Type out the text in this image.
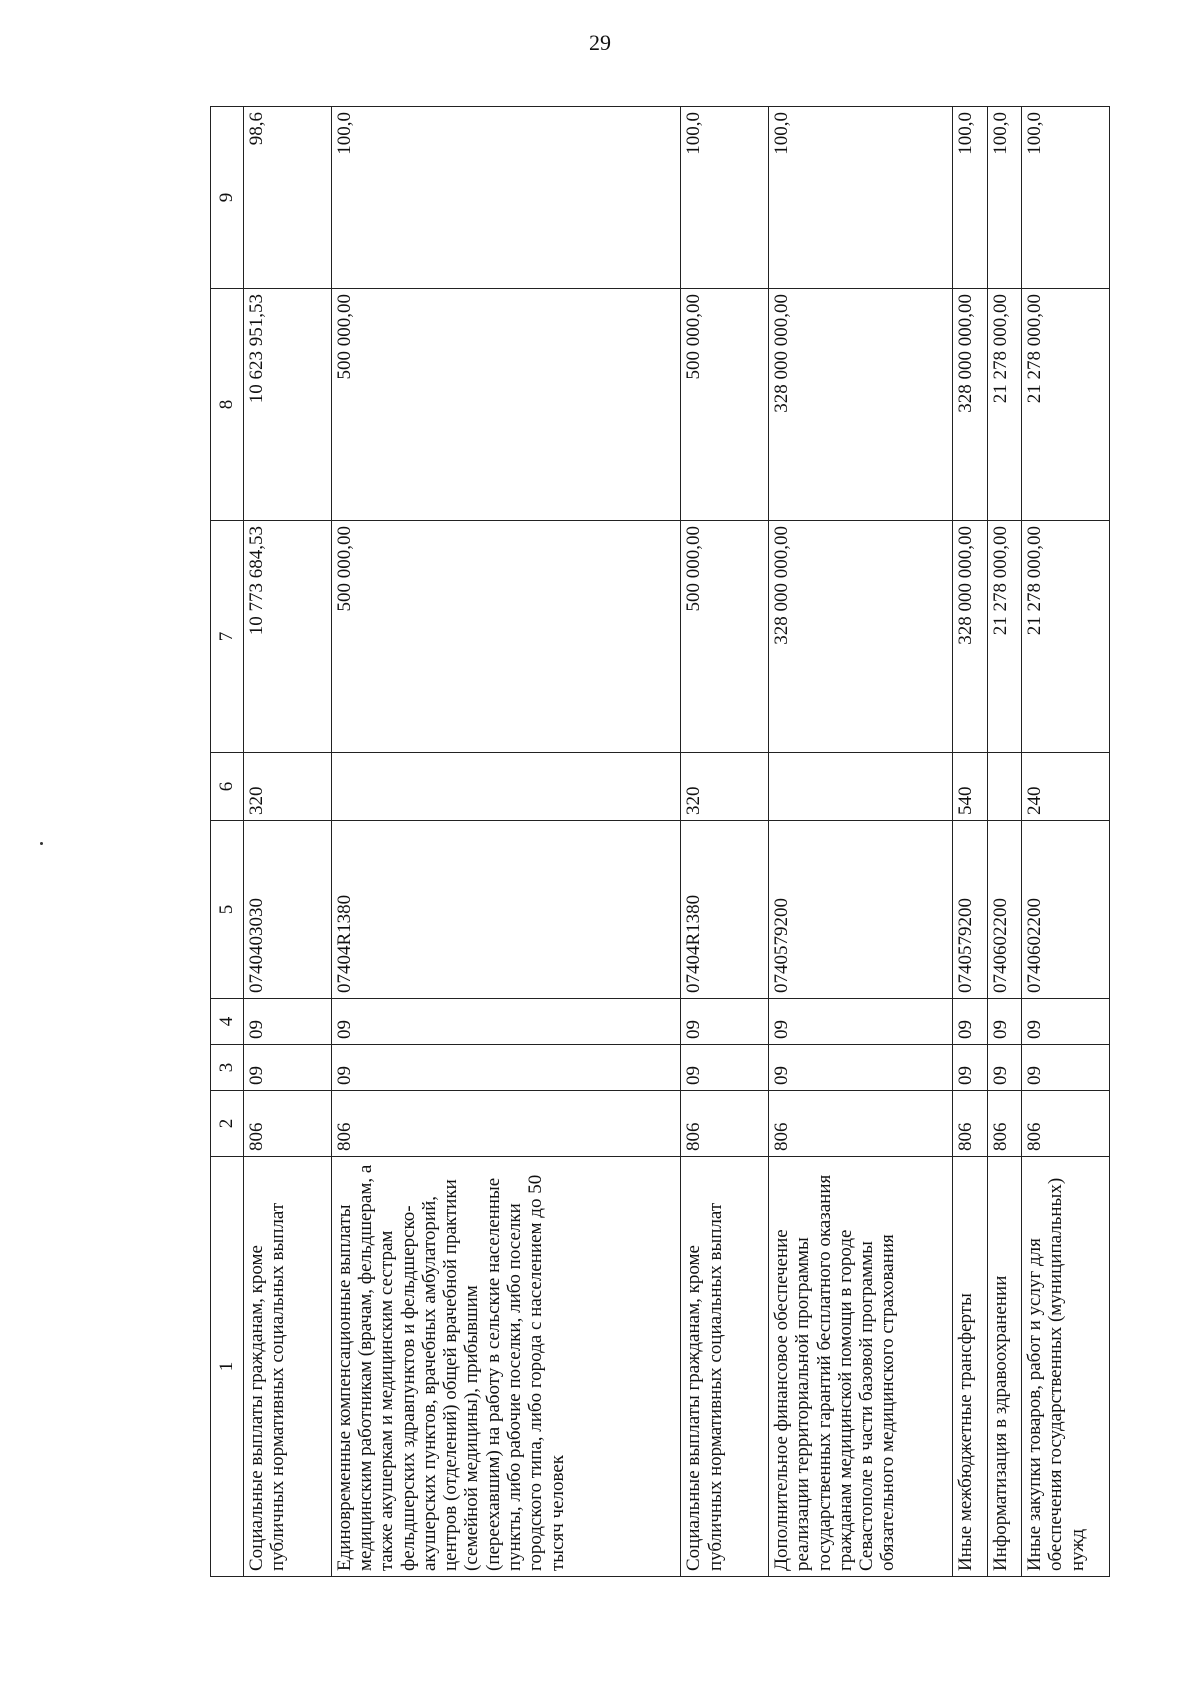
29
1	2	3	4	5	6	7	8	9
Социальные выплаты гражданам, кроме публичных нормативных социальных выплат	806	09	09	0740403030	320	10 773 684,53	10 623 951,53	98,6
Единовременные компенсационные выплаты медицинским работникам (врачам, фельдшерам, а также акушеркам и медицинским сестрам фельдшерских здравпунктов и фельдшерско-акушерских пунктов, врачебных амбулаторий, центров (отделений) общей врачебной практики (семейной медицины), прибывшим (переехавшим) на работу в сельские населенные пункты, либо рабочие поселки, либо поселки городского типа, либо города с населением до 50 тысяч человек	806	09	09	07404R1380		500 000,00	500 000,00	100,0
Социальные выплаты гражданам, кроме публичных нормативных социальных выплат	806	09	09	07404R1380	320	500 000,00	500 000,00	100,0
Дополнительное финансовое обеспечение реализации территориальной программы государственных гарантий бесплатного оказания гражданам медицинской помощи в городе Севастополе в части базовой программы обязательного медицинского страхования	806	09	09	0740579200		328 000 000,00	328 000 000,00	100,0
Иные межбюджетные трансферты	806	09	09	0740579200	540	328 000 000,00	328 000 000,00	100,0
Информатизация в здравоохранении	806	09	09	0740602200		21 278 000,00	21 278 000,00	100,0
Иные закупки товаров, работ и услуг для обеспечения государственных (муниципальных) нужд	806	09	09	0740602200	240	21 278 000,00	21 278 000,00	100,0
